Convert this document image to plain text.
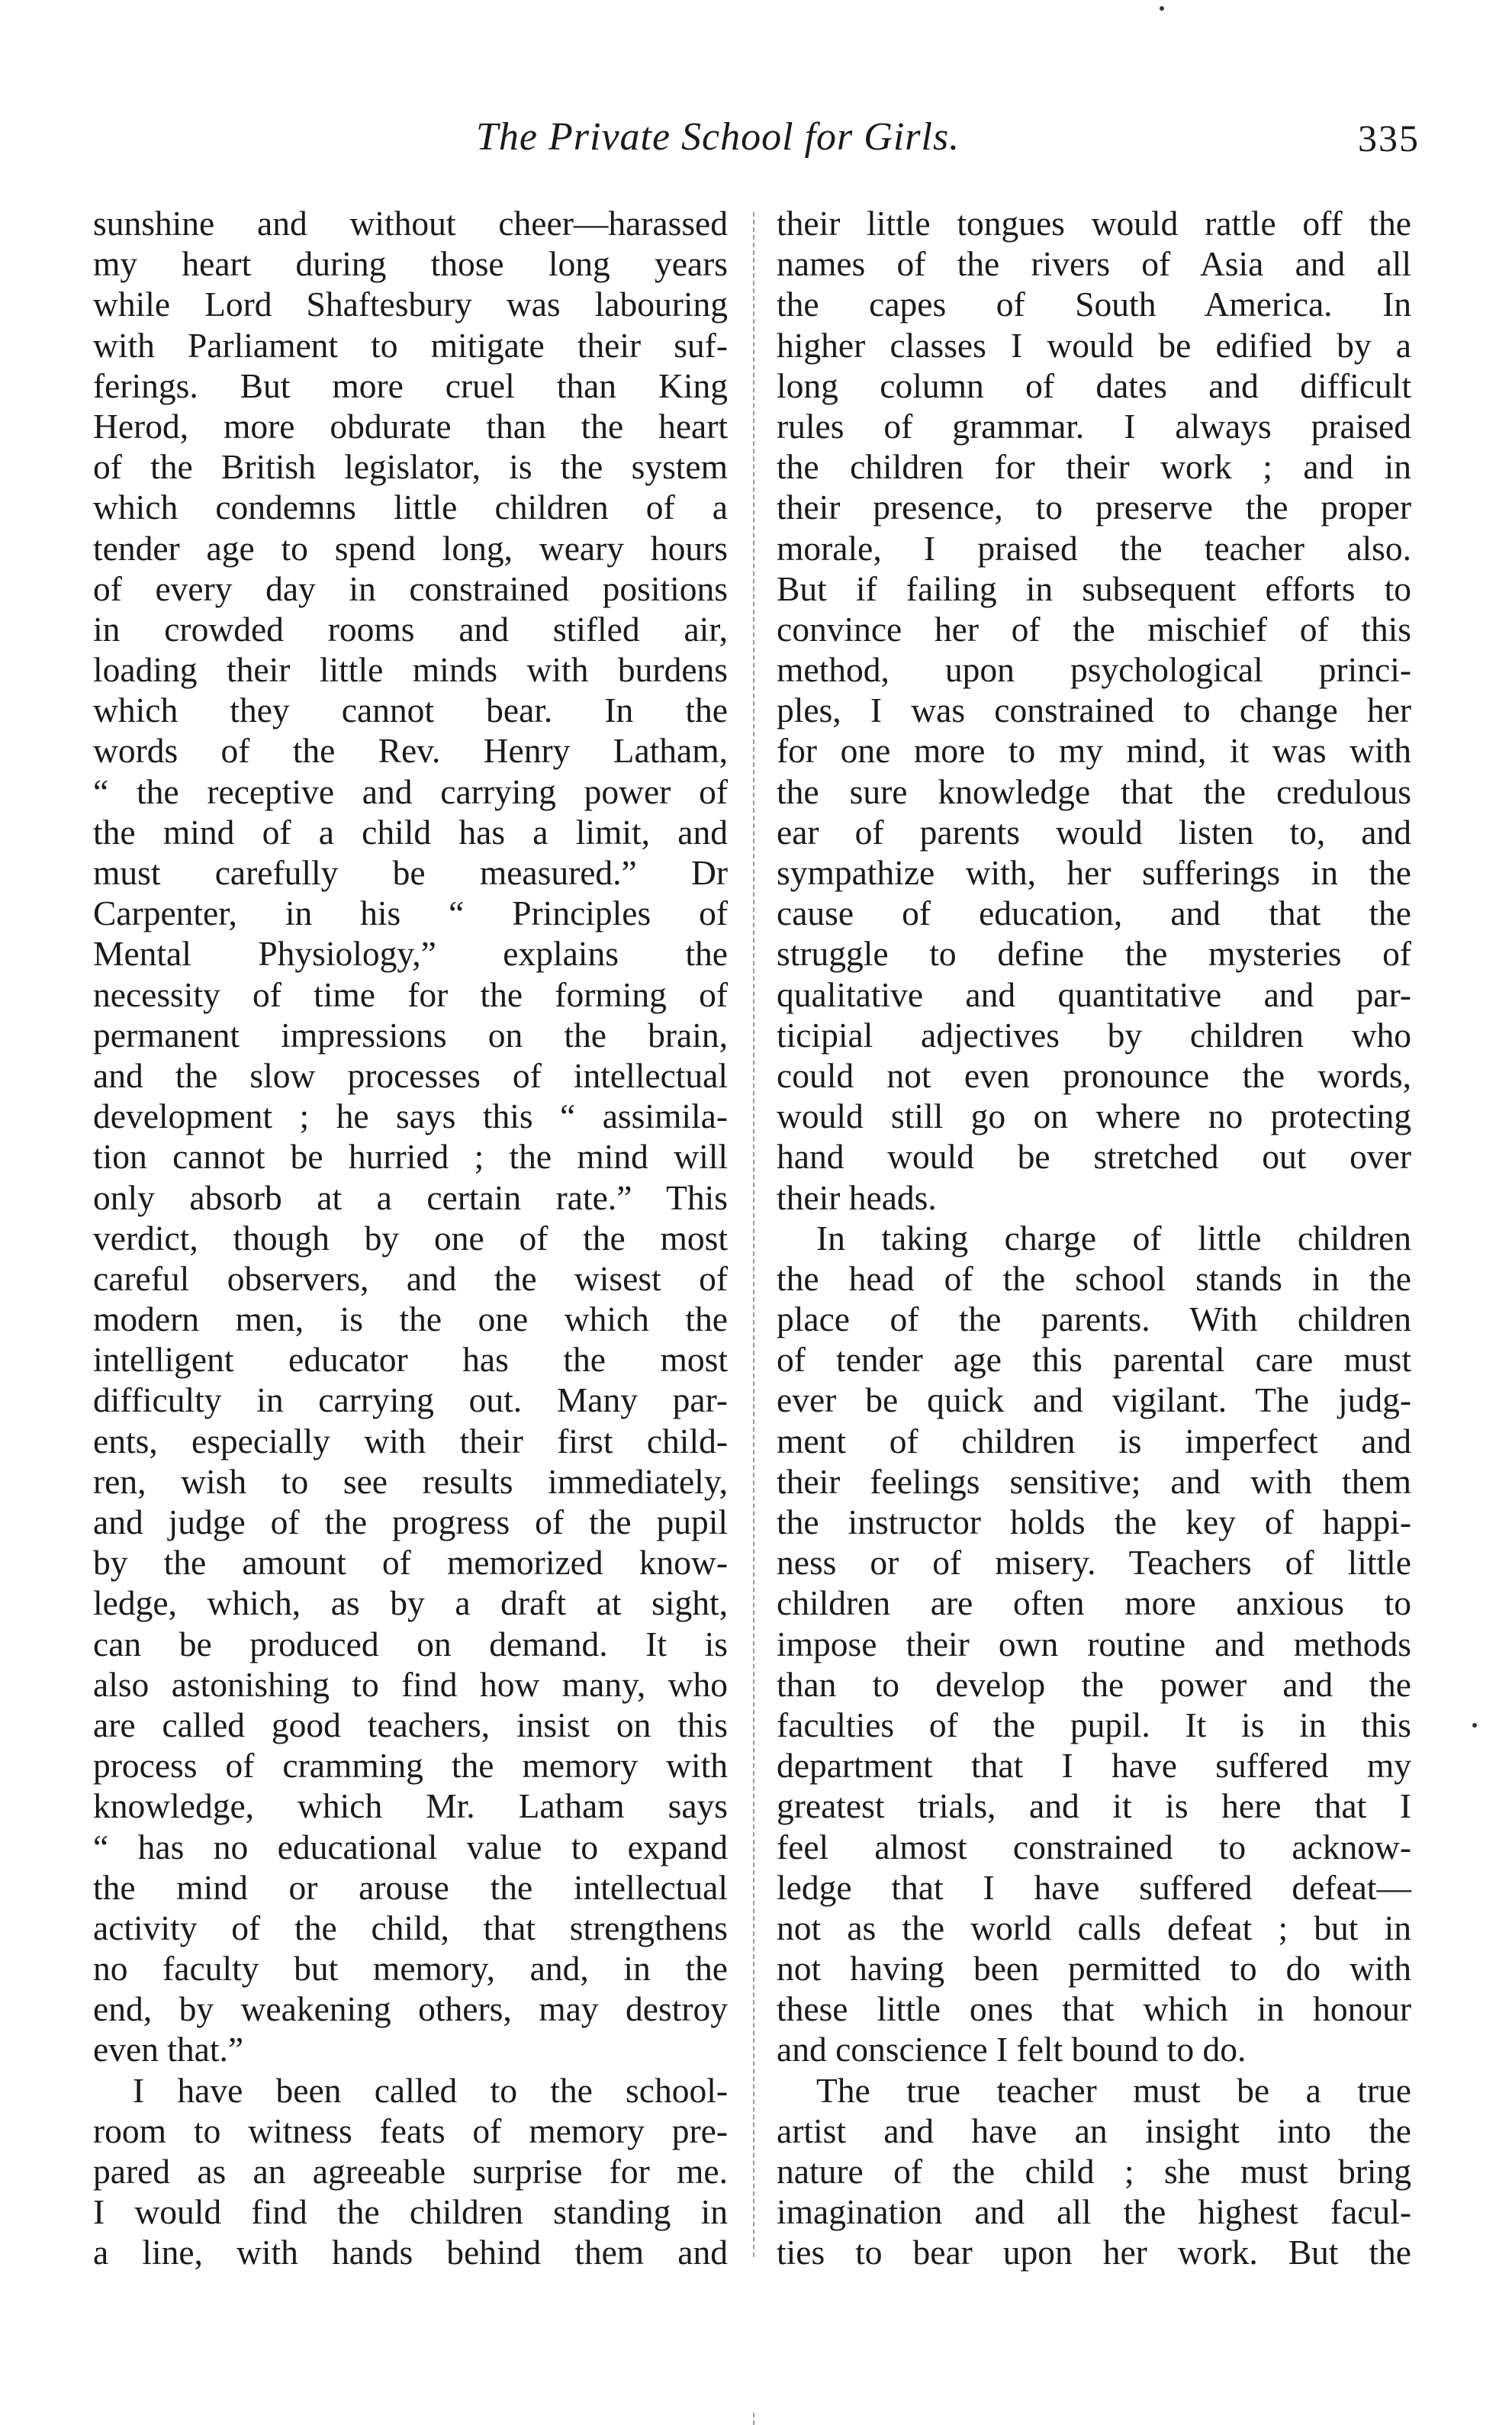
The Private School for Girls.	335
sunshine and without cheer—harassed
my heart during those long years
while Lord Shaftesbury was labouring
with Parliament to mitigate their suf-
ferings. But more cruel than King
Herod, more obdurate than the heart
of the British legislator, is the system
which condemns little children of a
tender age to spend long, weary hours
of every day in constrained positions
in crowded rooms and stifled air,
loading their little minds with burdens
which they cannot bear. In the
words of the Rev. Henry Latham,
“ the receptive and carrying power of
the mind of a child has a limit, and
must carefully be measured.” Dr
Carpenter, in his “ Principles of
Mental Physiology,” explains the
necessity of time for the forming of
permanent impressions on the brain,
and the slow processes of intellectual
development ; he says this “ assimila-
tion cannot be hurried ; the mind will
only absorb at a certain rate.” This
verdict, though by one of the most
careful observers, and the wisest of
modern men, is the one which the
intelligent educator has the most
difficulty in carrying out. Many par-
ents, especially with their first child-
ren, wish to see results immediately,
and judge of the progress of the pupil
by the amount of memorized know-
ledge, which, as by a draft at sight,
can be produced on demand. It is
also astonishing to find how many, who
are called good teachers, insist on this
process of cramming the memory with
knowledge, which Mr. Latham says
“ has no educational value to expand
the mind or arouse the intellectual
activity of the child, that strengthens
no faculty but memory, and, in the
end, by weakening others, may destroy
even that.”
I have been called to the school-
room to witness feats of memory pre-
pared as an agreeable surprise for me.
I would find the children standing in
a line, with hands behind them and
their little tongues would rattle off the
names of the rivers of Asia and all
the capes of South America. In
higher classes I would be edified by a
long column of dates and difficult
rules of grammar. I always praised
the children for their work ; and in
their presence, to preserve the proper
morale, I praised the teacher also.
But if failing in subsequent efforts to
convince her of the mischief of this
method, upon psychological princi-
ples, I was constrained to change her
for one more to my mind, it was with
the sure knowledge that the credulous
ear of parents would listen to, and
sympathize with, her sufferings in the
cause of education, and that the
struggle to define the mysteries of
qualitative and quantitative and par-
ticipial adjectives by children who
could not even pronounce the words,
would still go on where no protecting
hand would be stretched out over
their heads.
In taking charge of little children
the head of the school stands in the
place of the parents. With children
of tender age this parental care must
ever be quick and vigilant. The judg-
ment of children is imperfect and
their feelings sensitive; and with them
the instructor holds the key of happi-
ness or of misery. Teachers of little
children are often more anxious to
impose their own routine and methods
than to develop the power and the
faculties of the pupil. It is in this
department that I have suffered my
greatest trials, and it is here that I
feel almost constrained to acknow-
ledge that I have suffered defeat—
not as the world calls defeat ; but in
not having been permitted to do with
these little ones that which in honour
and conscience I felt bound to do.
The true teacher must be a true
artist and have an insight into the
nature of the child ; she must bring
imagination and all the highest facul-
ties to bear upon her work. But the
